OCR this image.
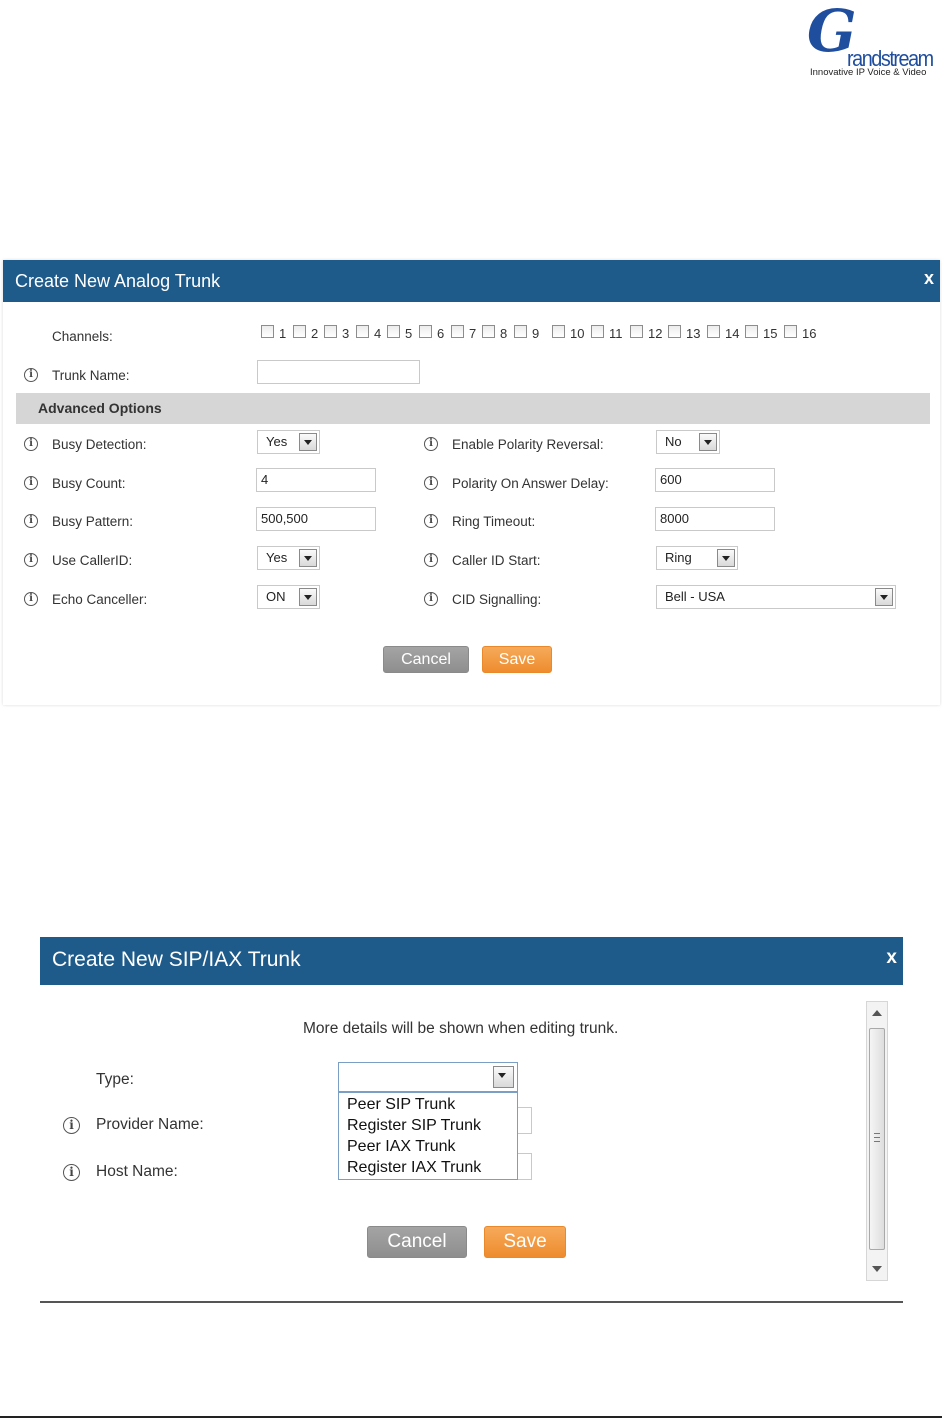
G
randstream
Innovative IP Voice & Video
Create New Analog Trunk	x
Channels:	1 2 3 4 5 6 7 8 9 10 11 12 13 14 15 16
i	Trunk Name:
Advanced Options
i	Busy Detection:	Yes
i	Busy Count:	4
i	Busy Pattern:	500,500
i	Use CallerID:	Yes
i	Echo Canceller:	ON
i	Enable Polarity Reversal:	No
i	Polarity On Answer Delay:	600
i	Ring Timeout:	8000
i	Caller ID Start:	Ring
i	CID Signalling:	Bell - USA
Cancel	Save
Create New SIP/IAX Trunk	x
More details will be shown when editing trunk.
Type:
i	Provider Name:
i	Host Name:
Peer SIP Trunk
Register SIP Trunk
Peer IAX Trunk
Register IAX Trunk
Cancel	Save
